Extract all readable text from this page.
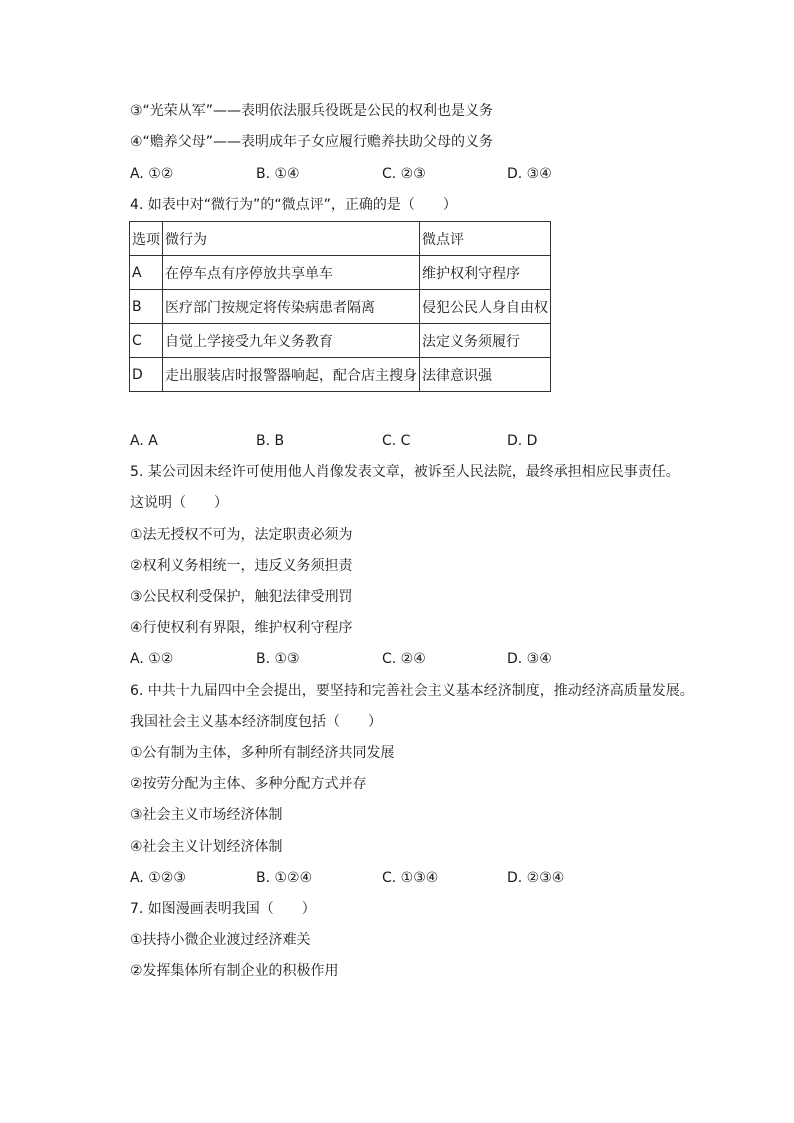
③“光荣从军”——表明依法服兵役既是公民的权利也是义务
④“赡养父母”——表明成年子女应履行赡养扶助父母的义务
A. ①②	B. ①④	C. ②③	D. ③④
4. 如表中对“微行为”的“微点评”，正确的是（　　）
选项	微行为	微点评
A	在停车点有序停放共享单车	维护权利守程序
B	医疗部门按规定将传染病患者隔离	侵犯公民人身自由权
C	自觉上学接受九年义务教育	法定义务须履行
D	走出服装店时报警器响起，配合店主搜身	法律意识强
A. A	B. B	C. C	D. D
5. 某公司因未经许可使用他人肖像发表文章，被诉至人民法院，最终承担相应民事责任。
这说明（　　）
①法无授权不可为，法定职责必须为
②权利义务相统一，违反义务须担责
③公民权利受保护，触犯法律受刑罚
④行使权利有界限，维护权利守程序
A. ①②	B. ①③	C. ②④	D. ③④
6. 中共十九届四中全会提出，要坚持和完善社会主义基本经济制度，推动经济高质量发展。
我国社会主义基本经济制度包括（　　）
①公有制为主体，多种所有制经济共同发展
②按劳分配为主体、多种分配方式并存
③社会主义市场经济体制
④社会主义计划经济体制
A. ①②③	B. ①②④	C. ①③④	D. ②③④
7. 如图漫画表明我国（　　）
①扶持小微企业渡过经济难关
②发挥集体所有制企业的积极作用
